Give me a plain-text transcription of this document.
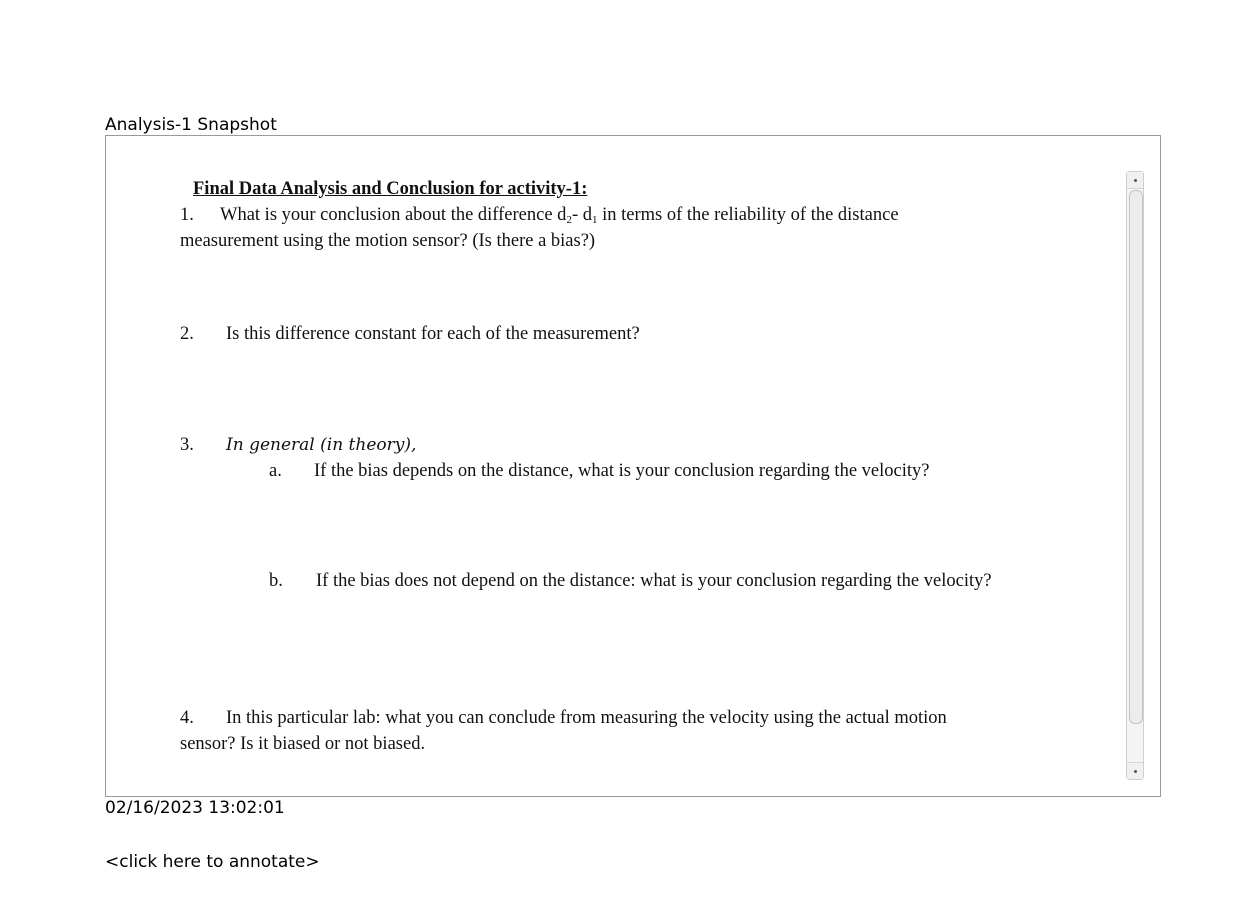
Analysis-1 Snapshot
Final Data Analysis and Conclusion for activity-1:
1. What is your conclusion about the difference $d_2-$ $d_1$ in terms of the reliability of the distance
measurement using the motion sensor? (Is there a bias?)
2. Is this difference constant for each of the measurement?
3. In general (in theory),
a. If the bias depends on the distance, what is your conclusion regarding the velocity?
b. If the bias does not depend on the distance: what is your conclusion regarding the velocity?
4. In this particular lab: what you can conclude from measuring the velocity using the actual motion
sensor? Is it biased or not biased.
02/16/2023 13:02:01
<click here to annotate>
